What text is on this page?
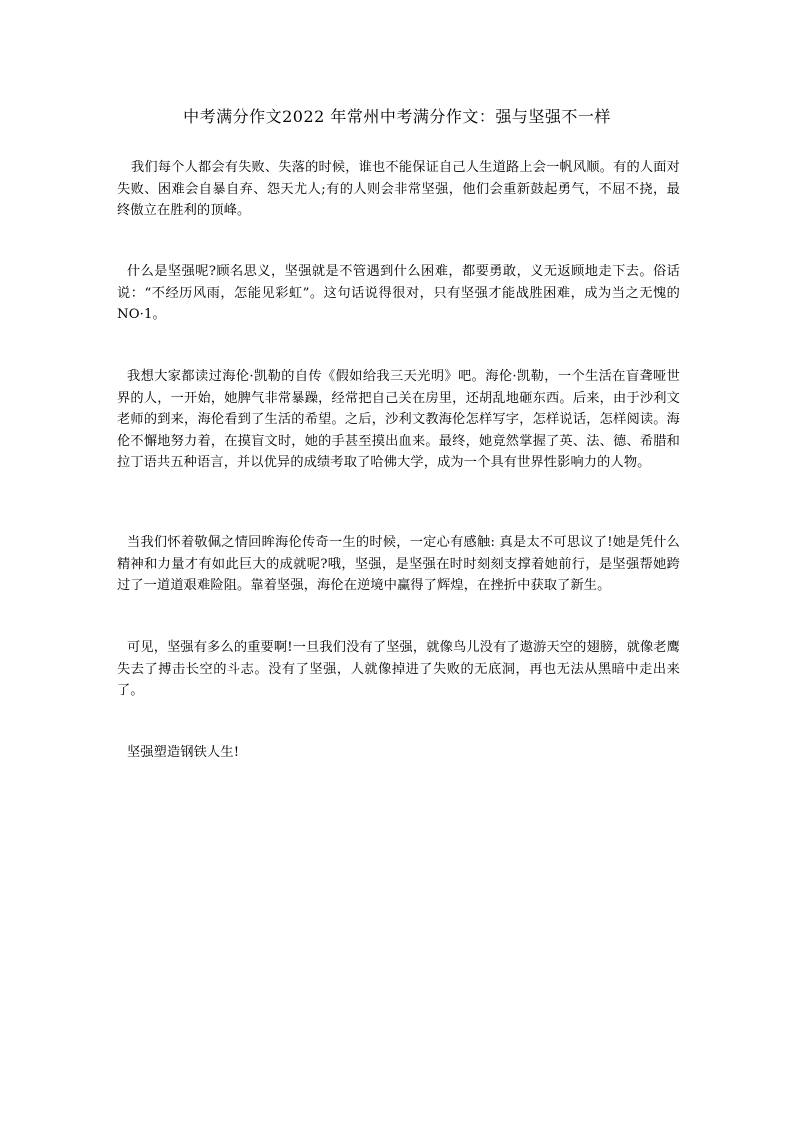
中考满分作文2022 年常州中考满分作文：强与坚强不一样

我们每个人都会有失败、失落的时候，谁也不能保证自己人生道路上会一帆风顺。有的人面对失败、困难会自暴自弃、怨天尤人;有的人则会非常坚强，他们会重新鼓起勇气，不屈不挠，最终傲立在胜利的顶峰。

什么是坚强呢?顾名思义，坚强就是不管遇到什么困难，都要勇敢，义无返顾地走下去。俗话说：“不经历风雨，怎能见彩虹”。这句话说得很对，只有坚强才能战胜困难，成为当之无愧的 NO·1。

我想大家都读过海伦·凯勒的自传《假如给我三天光明》吧。海伦·凯勒，一个生活在盲聋哑世界的人，一开始，她脾气非常暴躁，经常把自己关在房里，还胡乱地砸东西。后来，由于沙利文老师的到来，海伦看到了生活的希望。之后，沙利文教海伦怎样写字，怎样说话，怎样阅读。海伦不懈地努力着，在摸盲文时，她的手甚至摸出血来。最终，她竟然掌握了英、法、德、希腊和拉丁语共五种语言，并以优异的成绩考取了哈佛大学，成为一个具有世界性影响力的人物。

当我们怀着敬佩之情回眸海伦传奇一生的时候，一定心有感触: 真是太不可思议了!她是凭什么精神和力量才有如此巨大的成就呢?哦，坚强，是坚强在时时刻刻支撑着她前行，是坚强帮她跨过了一道道艰难险阻。靠着坚强，海伦在逆境中赢得了辉煌，在挫折中获取了新生。

可见，坚强有多么的重要啊!一旦我们没有了坚强，就像鸟儿没有了遨游天空的翅膀，就像老鹰失去了搏击长空的斗志。没有了坚强，人就像掉进了失败的无底洞，再也无法从黑暗中走出来了。

坚强塑造钢铁人生!
